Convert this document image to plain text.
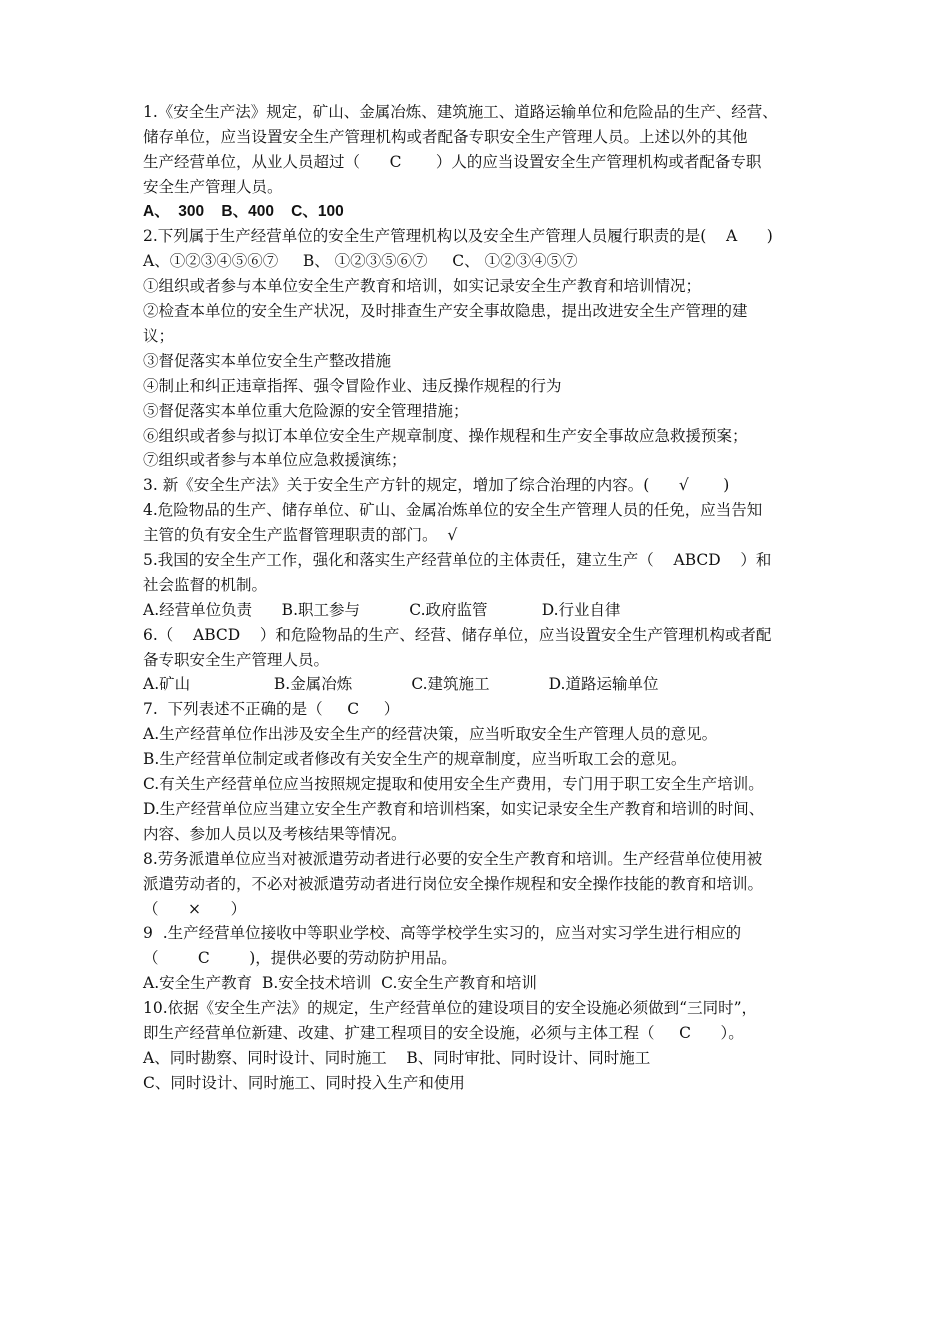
1.《安全生产法》规定，矿山、金属冶炼、建筑施工、道路运输单位和危险品的生产、经营、
储存单位，应当设置安全生产管理机构或者配备专职安全生产管理人员。上述以外的其他
生产经营单位，从业人员超过（      C       ）人的应当设置安全生产管理机构或者配备专职
安全生产管理人员。
A、  300    B、400    C、100
2.下列属于生产经营单位的安全生产管理机构以及安全生产管理人员履行职责的是(    A      )
A、①②③④⑤⑥⑦     B、 ①②③⑤⑥⑦     C、 ①②③④⑤⑦
①组织或者参与本单位安全生产教育和培训，如实记录安全生产教育和培训情况；
②检查本单位的安全生产状况，及时排查生产安全事故隐患，提出改进安全生产管理的建
议；
③督促落实本单位安全生产整改措施
④制止和纠正违章指挥、强令冒险作业、违反操作规程的行为
⑤督促落实本单位重大危险源的安全管理措施；
⑥组织或者参与拟订本单位安全生产规章制度、操作规程和生产安全事故应急救援预案；
⑦组织或者参与本单位应急救援演练；
3. 新《安全生产法》关于安全生产方针的规定，增加了综合治理的内容。(      √       )
4.危险物品的生产、储存单位、矿山、金属冶炼单位的安全生产管理人员的任免，应当告知
主管的负有安全生产监督管理职责的部门。  √
5.我国的安全生产工作，强化和落实生产经营单位的主体责任，建立生产（    ABCD    ）和
社会监督的机制。
A.经营单位负责      B.职工参与          C.政府监管           D.行业自律
6.（    ABCD    ）和危险物品的生产、经营、储存单位，应当设置安全生产管理机构或者配
备专职安全生产管理人员。
A.矿山                 B.金属冶炼            C.建筑施工            D.道路运输单位
7.  下列表述不正确的是（     C     ）
A.生产经营单位作出涉及安全生产的经营决策，应当听取安全生产管理人员的意见。
B.生产经营单位制定或者修改有关安全生产的规章制度，应当听取工会的意见。
C.有关生产经营单位应当按照规定提取和使用安全生产费用，专门用于职工安全生产培训。
D.生产经营单位应当建立安全生产教育和培训档案，如实记录安全生产教育和培训的时间、
内容、参加人员以及考核结果等情况。
8.劳务派遣单位应当对被派遣劳动者进行必要的安全生产教育和培训。生产经营单位使用被
派遣劳动者的，不必对被派遣劳动者进行岗位安全操作规程和安全操作技能的教育和培训。
（      ×      ）
9  .生产经营单位接收中等职业学校、高等学校学生实习的，应当对实习学生进行相应的
（        C        )，提供必要的劳动防护用品。
A.安全生产教育  B.安全技术培训  C.安全生产教育和培训
10.依据《安全生产法》的规定，生产经营单位的建设项目的安全设施必须做到“三同时”，
即生产经营单位新建、改建、扩建工程项目的安全设施，必须与主体工程（     C      ）。
A、同时勘察、同时设计、同时施工    B、同时审批、同时设计、同时施工
C、同时设计、同时施工、同时投入生产和使用
